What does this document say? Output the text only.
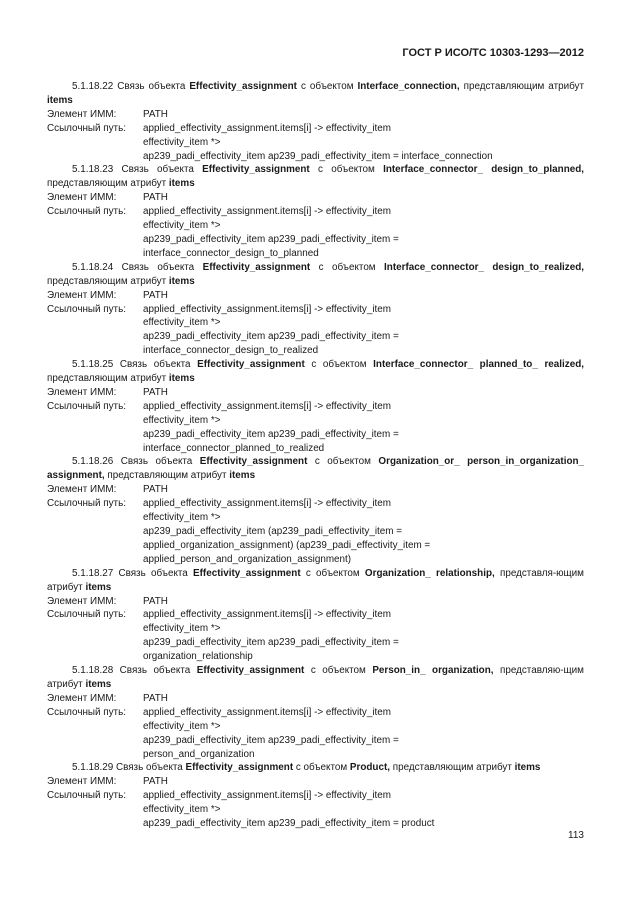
ГОСТ Р ИСО/ТС 10303-1293—2012
5.1.18.22 Связь объекта Effectivity_assignment с объектом Interface_connection, представляющим атрибут items
Элемент ИММ:	PATH
Ссылочный путь:	applied_effectivity_assignment.items[i] -> effectivity_item
effectivity_item *>
ap239_padi_effectivity_item ap239_padi_effectivity_item = interface_connection
5.1.18.23 Связь объекта Effectivity_assignment с объектом Interface_connector_ design_to_planned, представляющим атрибут items
Элемент ИММ:	PATH
Ссылочный путь:	applied_effectivity_assignment.items[i] -> effectivity_item
effectivity_item *>
ap239_padi_effectivity_item ap239_padi_effectivity_item =
interface_connector_design_to_planned
5.1.18.24 Связь объекта Effectivity_assignment с объектом Interface_connector_ design_to_realized, представляющим атрибут items
Элемент ИММ:	PATH
Ссылочный путь:	applied_effectivity_assignment.items[i] -> effectivity_item
effectivity_item *>
ap239_padi_effectivity_item ap239_padi_effectivity_item =
interface_connector_design_to_realized
5.1.18.25 Связь объекта Effectivity_assignment с объектом Interface_connector_ planned_to_ realized, представляющим атрибут items
Элемент ИММ:	PATH
Ссылочный путь:	applied_effectivity_assignment.items[i] -> effectivity_item
effectivity_item *>
ap239_padi_effectivity_item ap239_padi_effectivity_item =
interface_connector_planned_to_realized
5.1.18.26 Связь объекта Effectivity_assignment с объектом Organization_or_ person_in_organization_ assignment, представляющим атрибут items
Элемент ИММ:	PATH
Ссылочный путь:	applied_effectivity_assignment.items[i] -> effectivity_item
effectivity_item *>
ap239_padi_effectivity_item (ap239_padi_effectivity_item =
applied_organization_assignment) (ap239_padi_effectivity_item =
applied_person_and_organization_assignment)
5.1.18.27 Связь объекта Effectivity_assignment с объектом Organization_ relationship, представля-ющим атрибут items
Элемент ИММ:	PATH
Ссылочный путь:	applied_effectivity_assignment.items[i] -> effectivity_item
effectivity_item *>
ap239_padi_effectivity_item ap239_padi_effectivity_item =
organization_relationship
5.1.18.28 Связь объекта Effectivity_assignment с объектом Person_in_ organization, представляю-щим атрибут items
Элемент ИММ:	PATH
Ссылочный путь:	applied_effectivity_assignment.items[i] -> effectivity_item
effectivity_item *>
ap239_padi_effectivity_item ap239_padi_effectivity_item =
person_and_organization
5.1.18.29 Связь объекта Effectivity_assignment с объектом Product, представляющим атрибут items
Элемент ИММ:	PATH
Ссылочный путь:	applied_effectivity_assignment.items[i] -> effectivity_item
effectivity_item *>
ap239_padi_effectivity_item ap239_padi_effectivity_item = product
113
